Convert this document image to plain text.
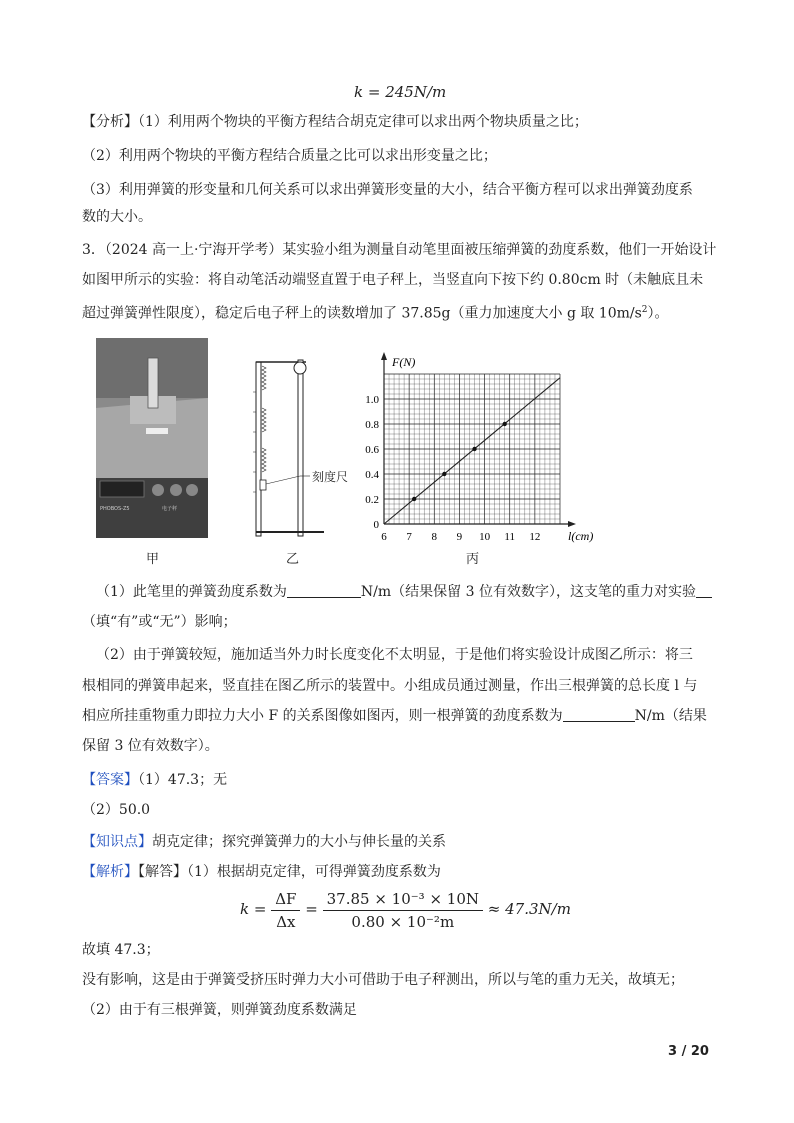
k = 245N/m
【分析】（1）利用两个物块的平衡方程结合胡克定律可以求出两个物块质量之比；
（2）利用两个物块的平衡方程结合质量之比可以求出形变量之比；
（3）利用弹簧的形变量和几何关系可以求出弹簧形变量的大小，结合平衡方程可以求出弹簧劲度系
数的大小。
3．（2024 高一上·宁海开学考）某实验小组为测量自动笔里面被压缩弹簧的劲度系数，他们一开始设计
如图甲所示的实验：将自动笔活动端竖直置于电子秤上，当竖直向下按下约 0.80cm 时（未触底且未
超过弹簧弹性限度），稳定后电子秤上的读数增加了 37.85g（重力加速度大小 g 取 $10m/s^2$）。
PHOBOS-Z5	电子秤
甲
刻度尺
乙
6 7 8 9 10 11 12
0
0.2
0.4
0.6
0.8
1.0
F(N)
l(cm)
丙
（1）此笔里的弹簧劲度系数为	N/m（结果保留 3 位有效数字），这支笔的重力对实验
（填“有”或“无”）影响；
（2）由于弹簧较短，施加适当外力时长度变化不太明显，于是他们将实验设计成图乙所示：将三
根相同的弹簧串起来，竖直挂在图乙所示的装置中。小组成员通过测量，作出三根弹簧的总长度 l 与
相应所挂重物重力即拉力大小 F 的关系图像如图丙，则一根弹簧的劲度系数为	N/m（结果
保留 3 位有效数字）。
【答案】（1）47.3；无
（2）50.0
【知识点】胡克定律；探究弹簧弹力的大小与伸长量的关系
【解析】【解答】（1）根据胡克定律，可得弹簧劲度系数为
$k = \frac{\Delta F}{\Delta x} = \frac{\text{37.85 × 10⁻³ × 10N}}{\text{0.80 × 10⁻²m}} \approx 47.3N/m$
故填 47.3；
没有影响，这是由于弹簧受挤压时弹力大小可借助于电子秤测出，所以与笔的重力无关，故填无；
（2）由于有三根弹簧，则弹簧劲度系数满足
3 / 20
